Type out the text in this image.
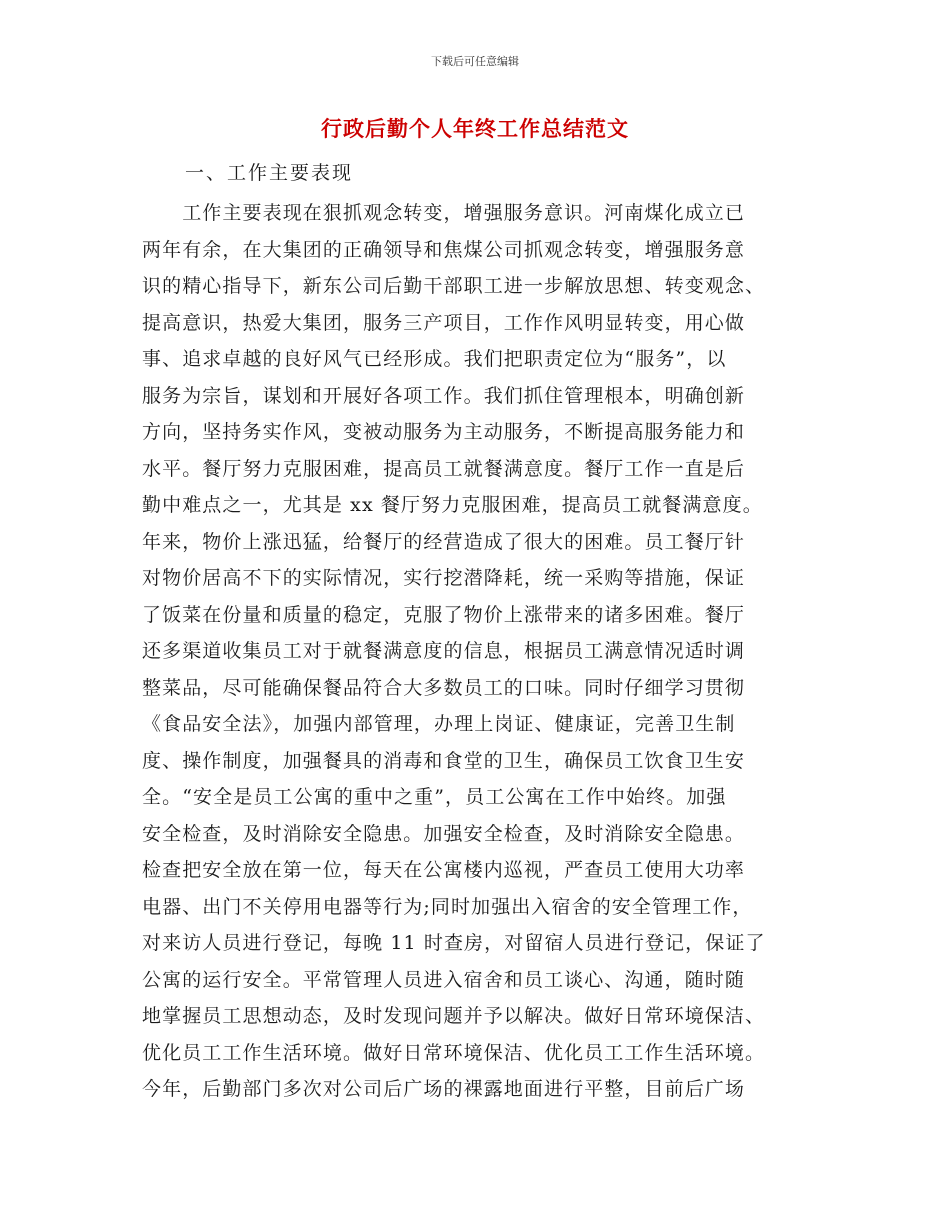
下载后可任意编辑
行政后勤个人年终工作总结范文
一、工作主要表现
　　工作主要表现在狠抓观念转变，增强服务意识。河南煤化成立已
两年有余，在大集团的正确领导和焦煤公司抓观念转变，增强服务意
识的精心指导下，新东公司后勤干部职工进一步解放思想、转变观念、
提高意识，热爱大集团，服务三产项目，工作作风明显转变，用心做
事、追求卓越的良好风气已经形成。我们把职责定位为“服务”，以
服务为宗旨，谋划和开展好各项工作。我们抓住管理根本，明确创新
方向，坚持务实作风，变被动服务为主动服务，不断提高服务能力和
水平。餐厅努力克服困难，提高员工就餐满意度。餐厅工作一直是后
勤中难点之一，尤其是 xx 餐厅努力克服困难，提高员工就餐满意度。
年来，物价上涨迅猛，给餐厅的经营造成了很大的困难。员工餐厅针
对物价居高不下的实际情况，实行挖潜降耗，统一采购等措施，保证
了饭菜在份量和质量的稳定，克服了物价上涨带来的诸多困难。餐厅
还多渠道收集员工对于就餐满意度的信息，根据员工满意情况适时调
整菜品，尽可能确保餐品符合大多数员工的口味。同时仔细学习贯彻
《食品安全法》，加强内部管理，办理上岗证、健康证，完善卫生制
度、操作制度，加强餐具的消毒和食堂的卫生，确保员工饮食卫生安
全。“安全是员工公寓的重中之重”，员工公寓在工作中始终。加强
安全检查，及时消除安全隐患。加强安全检查，及时消除安全隐患。
检查把安全放在第一位，每天在公寓楼内巡视，严查员工使用大功率
电器、出门不关停用电器等行为;同时加强出入宿舍的安全管理工作，
对来访人员进行登记，每晚 11 时查房，对留宿人员进行登记，保证了
公寓的运行安全。平常管理人员进入宿舍和员工谈心、沟通，随时随
地掌握员工思想动态，及时发现问题并予以解决。做好日常环境保洁、
优化员工工作生活环境。做好日常环境保洁、优化员工工作生活环境。
今年，后勤部门多次对公司后广场的裸露地面进行平整，目前后广场
